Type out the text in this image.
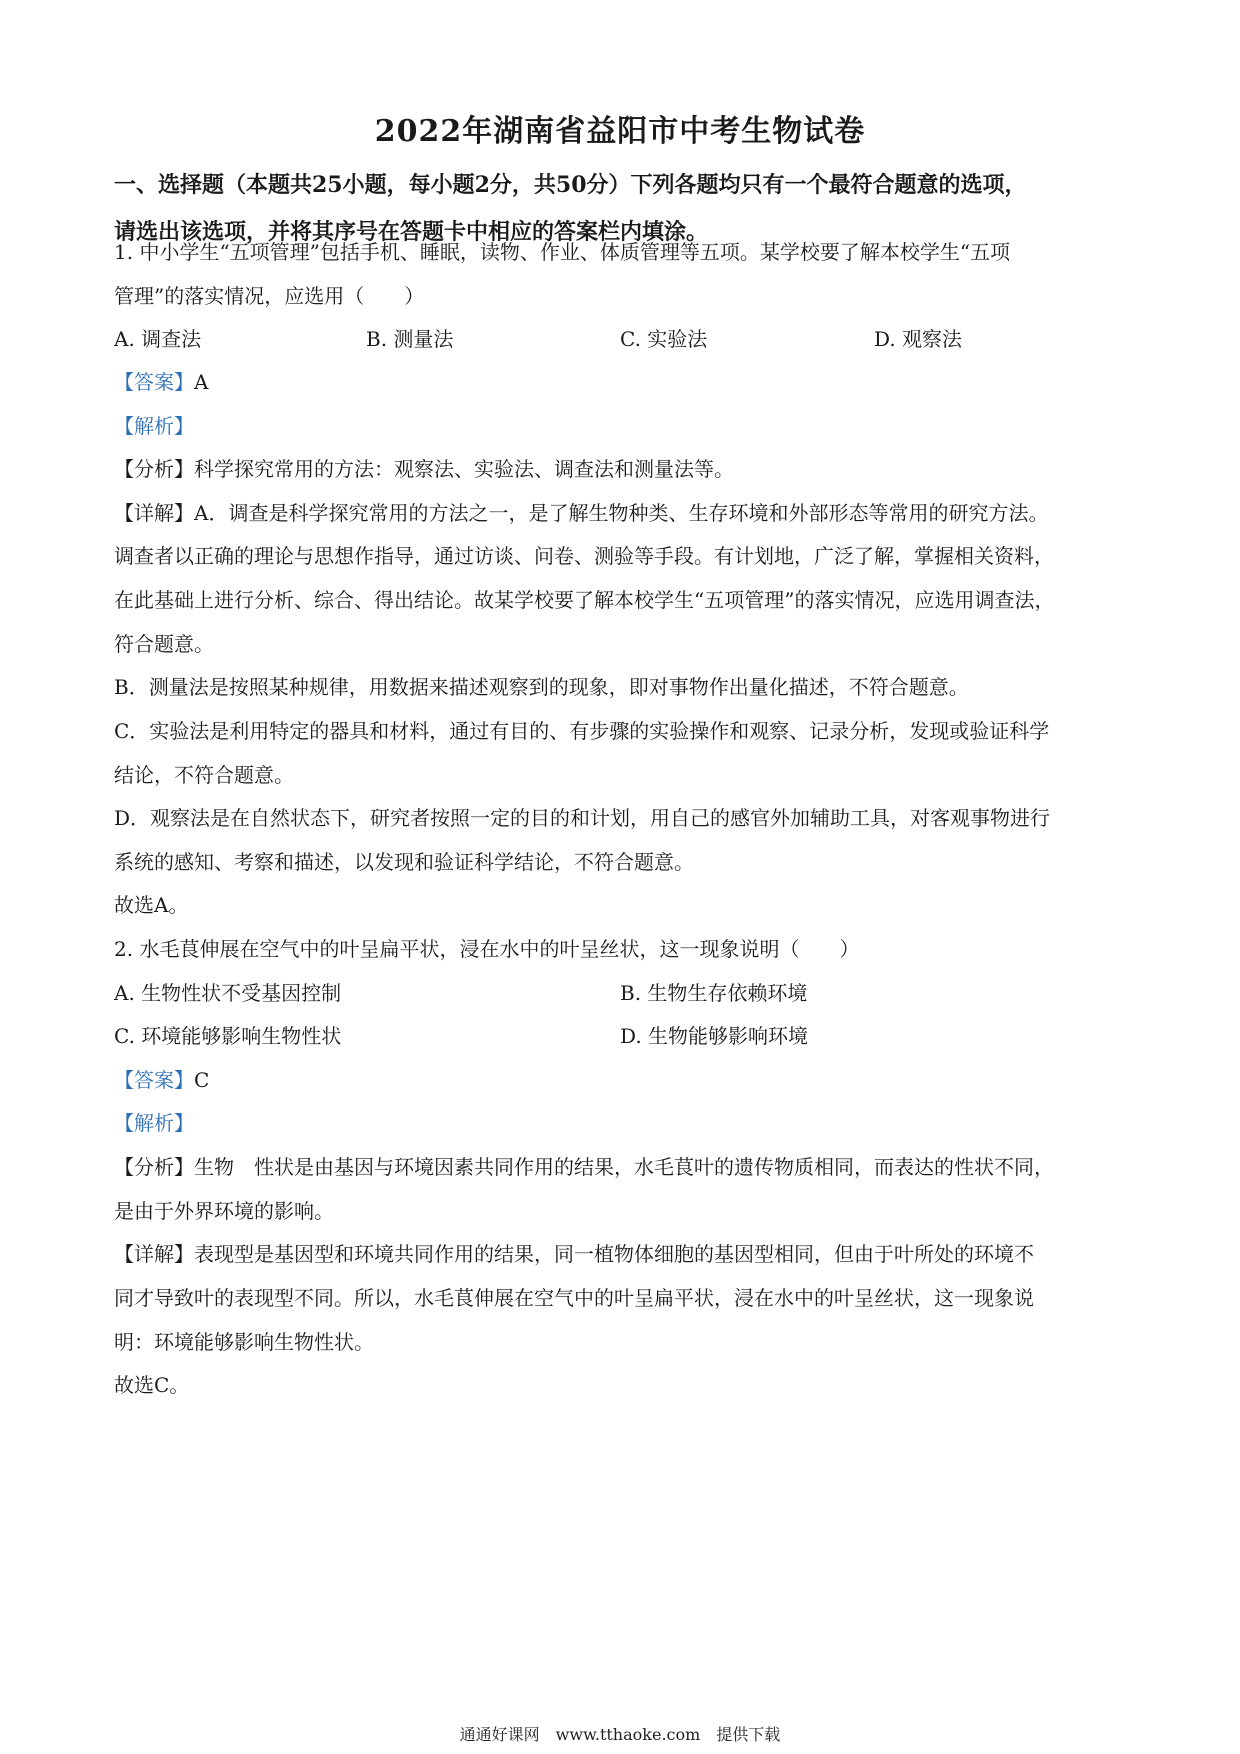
2022年湖南省益阳市中考生物试卷
一、选择题（本题共25小题，每小题2分，共50分）下列各题均只有一个最符合题意的选项，
请选出该选项，并将其序号在答题卡中相应的答案栏内填涂。
1. 中小学生“五项管理”包括手机、睡眠，读物、作业、体质管理等五项。某学校要了解本校学生“五项
管理”的落实情况，应选用（　　）
A. 调查法	B. 测量法	C. 实验法	D. 观察法
【答案】A
【解析】
【分析】科学探究常用的方法：观察法、实验法、调查法和测量法等。
【详解】A．调查是科学探究常用的方法之一，是了解生物种类、生存环境和外部形态等常用的研究方法。
调查者以正确的理论与思想作指导，通过访谈、问卷、测验等手段。有计划地，广泛了解，掌握相关资料，
在此基础上进行分析、综合、得出结论。故某学校要了解本校学生“五项管理”的落实情况，应选用调查法，
符合题意。
B．测量法是按照某种规律，用数据来描述观察到的现象，即对事物作出量化描述，不符合题意。
C．实验法是利用特定的器具和材料，通过有目的、有步骤的实验操作和观察、记录分析，发现或验证科学
结论，不符合题意。
D．观察法是在自然状态下，研究者按照一定的目的和计划，用自己的感官外加辅助工具，对客观事物进行
系统的感知、考察和描述，以发现和验证科学结论，不符合题意。
故选A。
2. 水毛茛伸展在空气中的叶呈扁平状，浸在水中的叶呈丝状，这一现象说明（　　）
A. 生物性状不受基因控制	B. 生物生存依赖环境
C. 环境能够影响生物性状	D. 生物能够影响环境
【答案】C
【解析】
【分析】生物　性状是由基因与环境因素共同作用的结果，水毛茛叶的遗传物质相同，而表达的性状不同，
是由于外界环境的影响。
【详解】表现型是基因型和环境共同作用的结果，同一植物体细胞的基因型相同，但由于叶所处的环境不
同才导致叶的表现型不同。所以，水毛茛伸展在空气中的叶呈扁平状，浸在水中的叶呈丝状，这一现象说
明：环境能够影响生物性状。
故选C。
通通好课网　www.tthaoke.com　提供下载
